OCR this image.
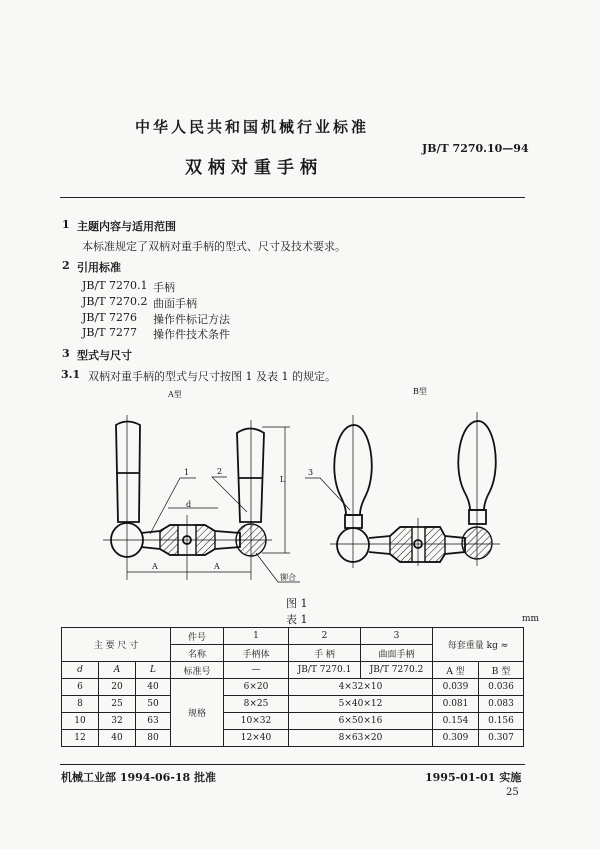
中华人民共和国机械行业标准
JB/T 7270.10—94
双柄对重手柄
1 主题内容与适用范围
本标准规定了双柄对重手柄的型式、尺寸及技术要求。
2 引用标准
JB/T 7270.1 手柄
JB/T 7270.2 曲面手柄
JB/T 7276 操作件标记方法
JB/T 7277 操作件技术条件
3 型式与尺寸
3.1 双柄对重手柄的型式与尺寸按图 1 及表 1 的规定。
A型	B型
L
A	A
d
1	2
铆合
3
图 1
表 1	mm
主 要 尺 寸			件号	1	2	3	每套重量 kg ≈	
			名称	手柄体	手 柄	曲面手柄		
d	A	L	标准号	—	JB/T 7270.1	JB/T 7270.2	A 型	B 型
6	20	40	规格	6×20	4×32×10		0.039	0.036
8	25	50		8×25	5×40×12		0.081	0.083
10	32	63		10×32	6×50×16		0.154	0.156
12	40	80		12×40	8×63×20		0.309	0.307
机械工业部 1994-06-18 批准	1995-01-01 实施
25
